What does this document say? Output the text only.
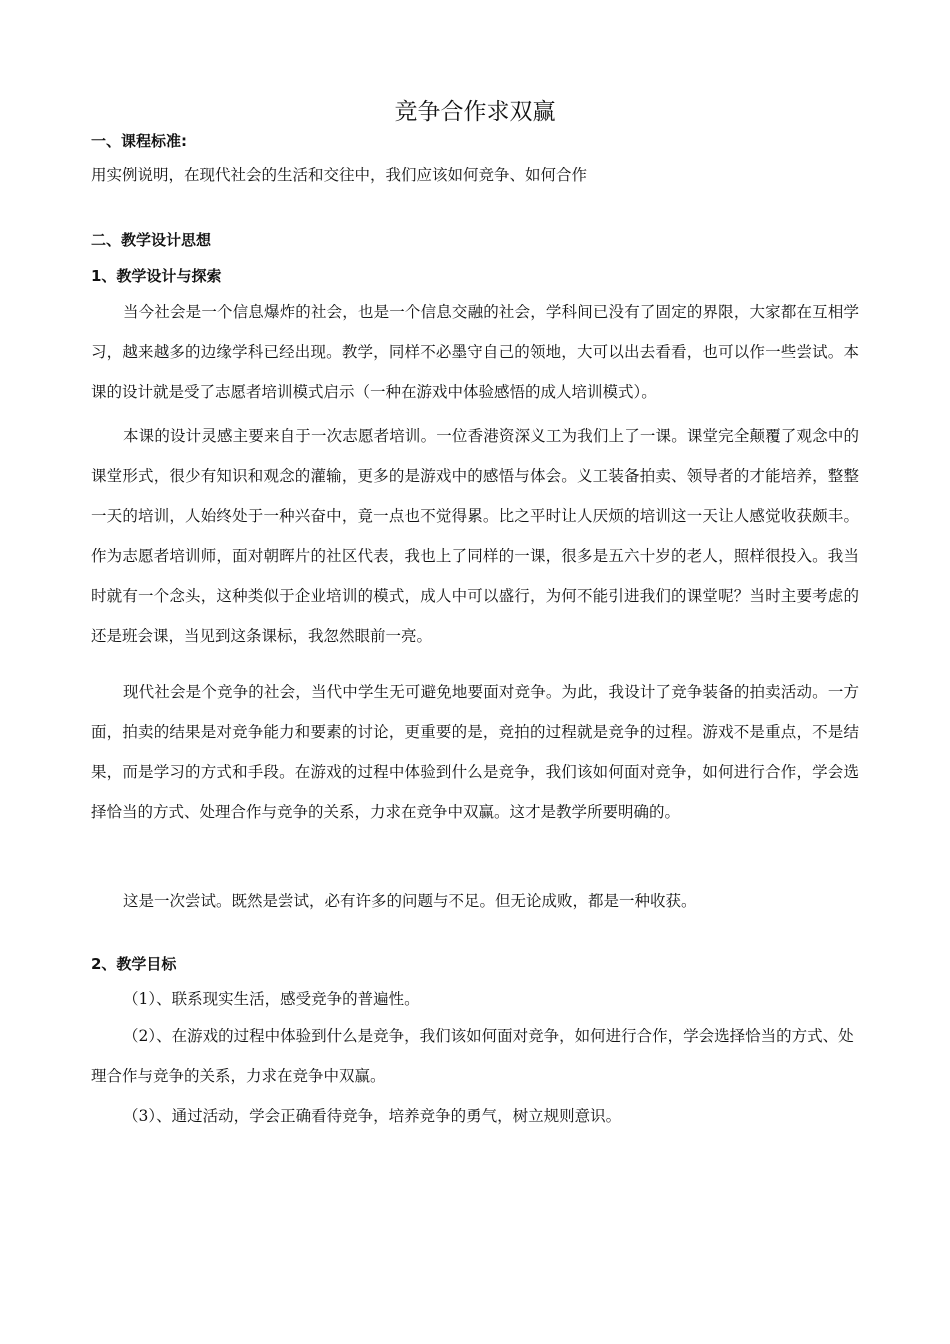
竞争合作求双赢
一、课程标准:

用实例说明，在现代社会的生活和交往中，我们应该如何竞争、如何合作

二、教学设计思想
1、教学设计与探索

当今社会是一个信息爆炸的社会，也是一个信息交融的社会，学科间已没有了固定的界限，大家都在互相学习，越来越多的边缘学科已经出现。教学，同样不必墨守自己的领地，大可以出去看看，也可以作一些尝试。本课的设计就是受了志愿者培训模式启示（一种在游戏中体验感悟的成人培训模式）。

本课的设计灵感主要来自于一次志愿者培训。一位香港资深义工为我们上了一课。课堂完全颠覆了观念中的课堂形式，很少有知识和观念的灌输，更多的是游戏中的感悟与体会。义工装备拍卖、领导者的才能培养，整整一天的培训，人始终处于一种兴奋中，竟一点也不觉得累。比之平时让人厌烦的培训这一天让人感觉收获颇丰。作为志愿者培训师，面对朝晖片的社区代表，我也上了同样的一课，很多是五六十岁的老人，照样很投入。我当时就有一个念头，这种类似于企业培训的模式，成人中可以盛行，为何不能引进我们的课堂呢？当时主要考虑的还是班会课，当见到这条课标，我忽然眼前一亮。

现代社会是个竞争的社会，当代中学生无可避免地要面对竞争。为此，我设计了竞争装备的拍卖活动。一方面，拍卖的结果是对竞争能力和要素的讨论，更重要的是，竞拍的过程就是竞争的过程。游戏不是重点，不是结果，而是学习的方式和手段。在游戏的过程中体验到什么是竞争，我们该如何面对竞争，如何进行合作，学会选择恰当的方式、处理合作与竞争的关系，力求在竞争中双赢。这才是教学所要明确的。

这是一次尝试。既然是尝试，必有许多的问题与不足。但无论成败，都是一种收获。

2、教学目标

（1）、联系现实生活，感受竞争的普遍性。

（2）、在游戏的过程中体验到什么是竞争，我们该如何面对竞争，如何进行合作，学会选择恰当的方式、处理合作与竞争的关系，力求在竞争中双赢。

（3）、通过活动，学会正确看待竞争，培养竞争的勇气，树立规则意识。
